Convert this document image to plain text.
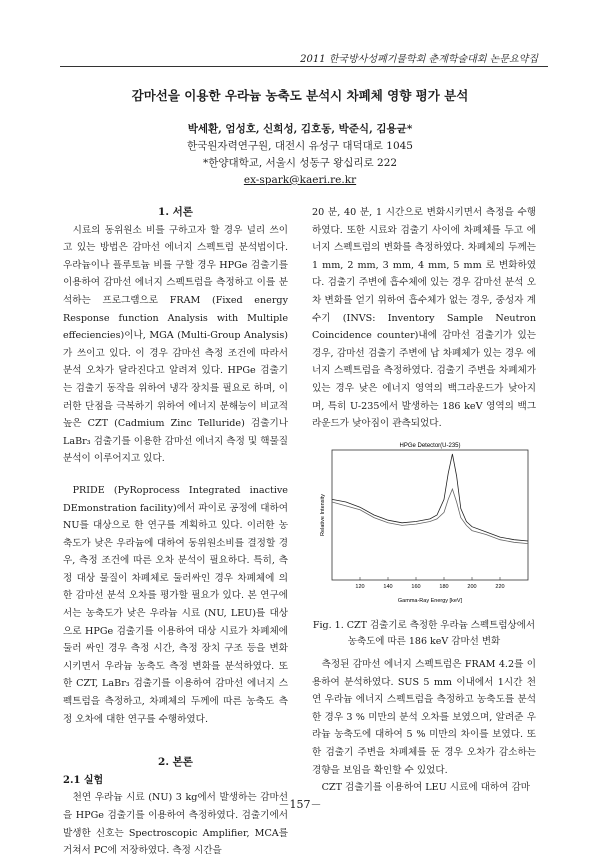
2011 한국방사성폐기물학회 춘계학술대회 논문요약집
감마선을 이용한 우라늄 농축도 분석시 차폐체 영향 평가 분석
박세환, 엄성호, 신희성, 김호동, 박준식, 김용균*
한국원자력연구원, 대전시 유성구 대덕대로 1045
*한양대학교, 서울시 성동구 왕십리로 222
ex-spark@kaeri.re.kr

1. 서론

시료의 동위원소 비를 구하고자 할 경우 널리 쓰이고 있는 방법은 감마선 에너지 스펙트럼 분석법이다. 우라늄이나 플루토늄 비를 구할 경우 HPGe 검출기를 이용하여 감마선 에너지 스펙트럼을 측정하고 이를 분석하는 프로그램으로 FRAM (Fixed energy Response function Analysis with Multiple effeciencies)이나, MGA (Multi-Group Analysis)가 쓰이고 있다. 이 경우 감마선 측정 조건에 따라서 분석 오차가 달라진다고 알려져 있다. HPGe 검출기는 검출기 동작을 위하여 냉각 장치를 필요로 하며, 이러한 단점을 극복하기 위하여 에너지 분해능이 비교적 높은 CZT (Cadmium Zinc Telluride) 검출기나 LaBr₃ 검출기를 이용한 감마선 에너지 측정 및 핵물질 분석이 이루어지고 있다.

PRIDE (PyRoprocess Integrated inactive DEmonstration facility)에서 파이로 공정에 대하여 NU를 대상으로 한 연구를 계획하고 있다. 이러한 농축도가 낮은 우라늄에 대하여 동위원소비를 결정할 경우, 측정 조건에 따른 오차 분석이 필요하다. 특히, 측정 대상 물질이 차폐체로 둘러싸인 경우 차폐체에 의한 감마선 분석 오차를 평가할 필요가 있다. 본 연구에서는 농축도가 낮은 우라늄 시료 (NU, LEU)를 대상으로 HPGe 검출기를 이용하여 대상 시료가 차폐체에 둘러 싸인 경우 측정 시간, 측정 장치 구조 등을 변화시키면서 우라늄 농축도 측정 변화를 분석하였다. 또한 CZT, LaBr₃ 검출기를 이용하여 감마선 에너지 스펙트럼을 측정하고, 차폐체의 두께에 따른 농축도 측정 오차에 대한 연구를 수행하였다.

2. 본론

2.1 실험

천연 우라늄 시료 (NU) 3 kg에서 발생하는 감마선을 HPGe 검출기를 이용하여 측정하였다. 검출기에서 발생한 신호는 Spectroscopic Amplifier, MCA를 거쳐서 PC에 저장하였다. 측정 시간을

20 분, 40 분, 1 시간으로 변화시키면서 측정을 수행하였다. 또한 시료와 검출기 사이에 차폐체를 두고 에너지 스펙트럼의 변화를 측정하였다. 차폐체의 두께는 1 mm, 2 mm, 3 mm, 4 mm, 5 mm 로 변화하였다. 검출기 주변에 흡수체에 있는 경우 감마선 분석 오차 변화를 얻기 위하여 흡수체가 없는 경우, 중성자 계수기 (INVS: Inventory Sample Neutron Coincidence counter)내에 감마선 검출기가 있는 경우, 감마선 검출기 주변에 납 차폐체가 있는 경우 에너지 스펙트럼을 측정하였다. 검출기 주변을 차폐체가 있는 경우 낮은 에너지 영역의 백그라운드가 낮아지며, 특히 U-235에서 발생하는 186 keV 영역의 백그라운드가 낮아짐이 관측되었다.

HPGe Detector(U-235)
Gamma-Ray Energy [keV]
Relative Intensity
120	140	160	180	200	220
Fig. 1. CZT 검출기로 측정한 우라늄 스펙트럼상에서 농축도에 따른 186 keV 감마선 변화

측정된 감마선 에너지 스펙트럼은 FRAM 4.2를 이용하여 분석하였다. SUS 5 mm 이내에서 1시간 천연 우라늄 에너지 스펙트럼을 측정하고 농축도를 분석한 경우 3 % 미만의 분석 오차를 보였으며, 알려준 우라늄 농축도에 대하여 5 % 미만의 차이를 보였다. 또한 검출기 주변을 차폐체를 둔 경우 오차가 감소하는 경향을 보임을 확인할 수 있었다.

CZT 검출기를 이용하여 LEU 시료에 대하여 감마

－157－
